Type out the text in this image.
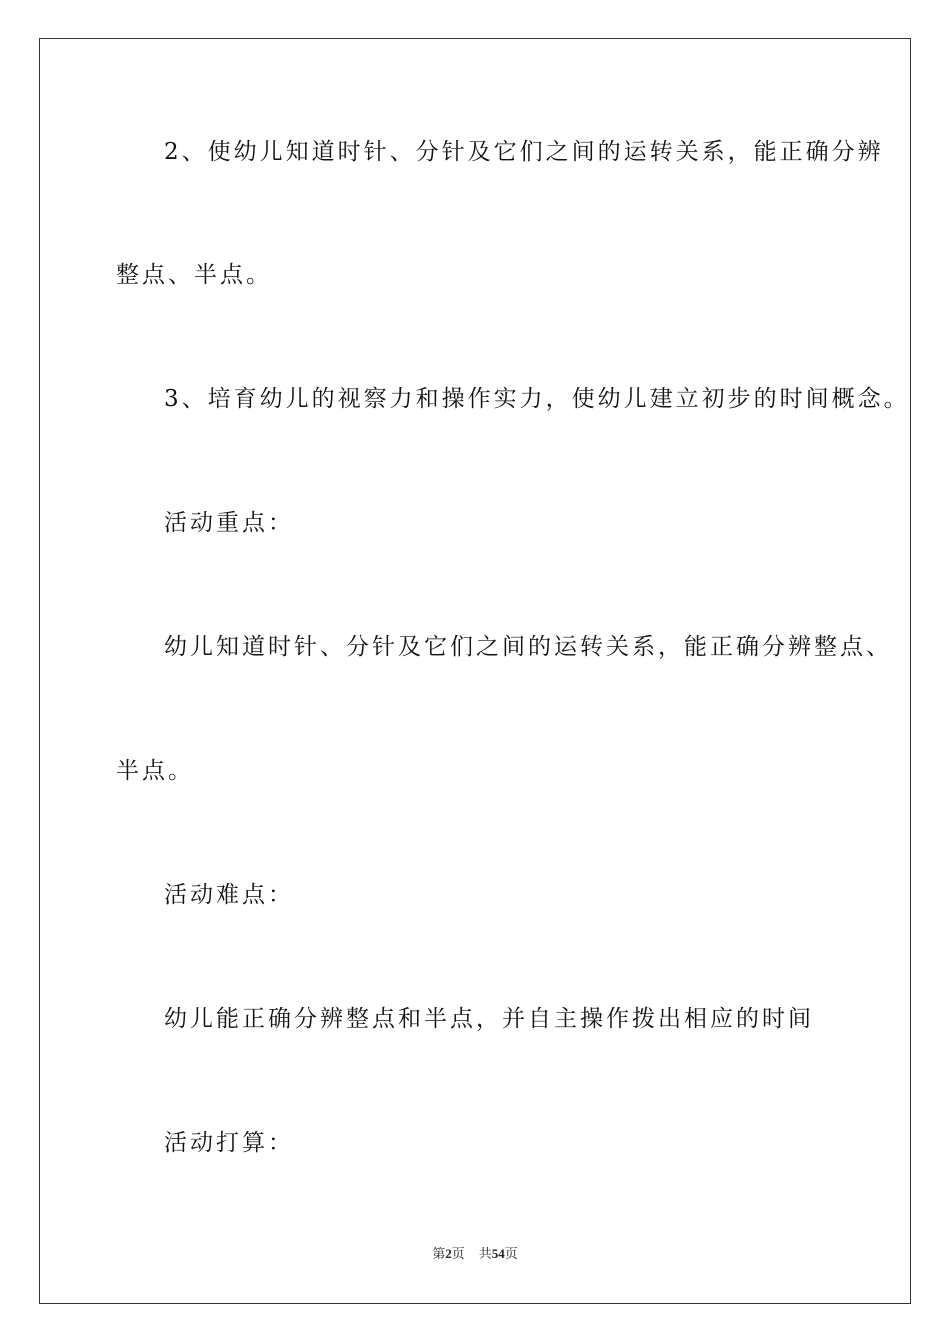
2、使幼儿知道时针、分针及它们之间的运转关系，能正确分辨
整点、半点。
3、培育幼儿的视察力和操作实力，使幼儿建立初步的时间概念。
活动重点：
幼儿知道时针、分针及它们之间的运转关系，能正确分辨整点、
半点。
活动难点：
幼儿能正确分辨整点和半点，并自主操作拨出相应的时间
活动打算：
第2页 共54页
